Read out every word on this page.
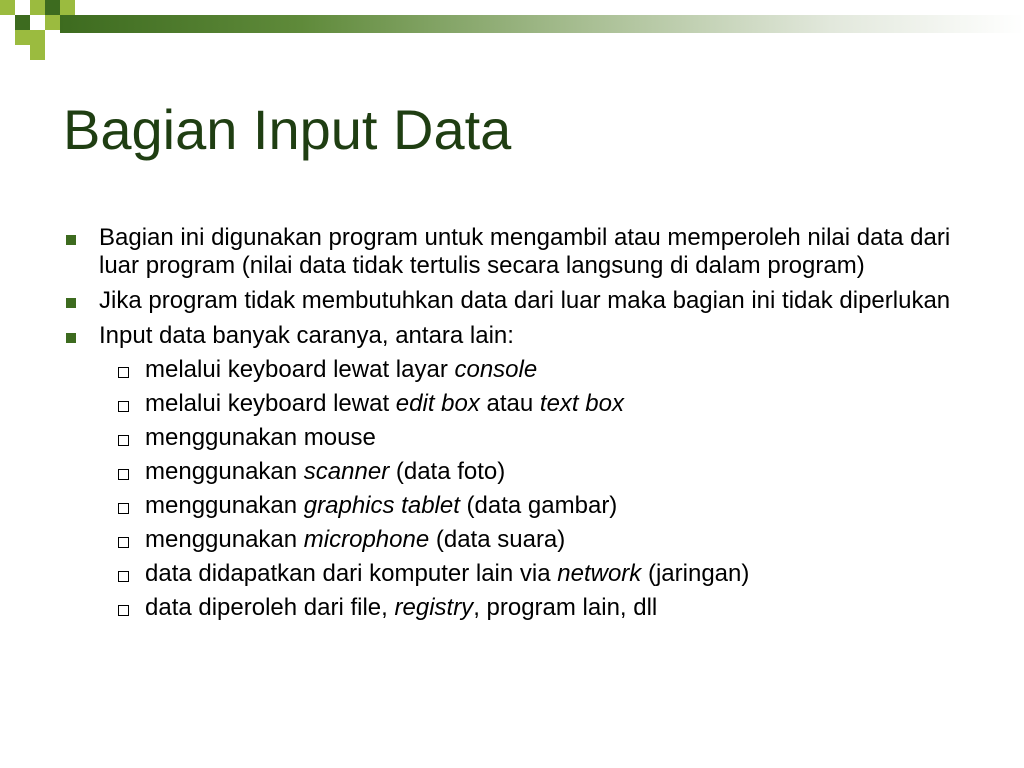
Bagian Input Data
Bagian ini digunakan program untuk mengambil atau memperoleh nilai data dari luar program (nilai data tidak tertulis secara langsung di dalam program)
Jika program tidak membutuhkan data dari luar maka bagian ini tidak diperlukan
Input data banyak caranya, antara lain:
melalui keyboard lewat layar console
melalui keyboard lewat edit box atau text box
menggunakan mouse
menggunakan scanner (data foto)
menggunakan graphics tablet (data gambar)
menggunakan microphone (data suara)
data didapatkan dari komputer lain via network (jaringan)
data diperoleh dari file, registry, program lain, dll
